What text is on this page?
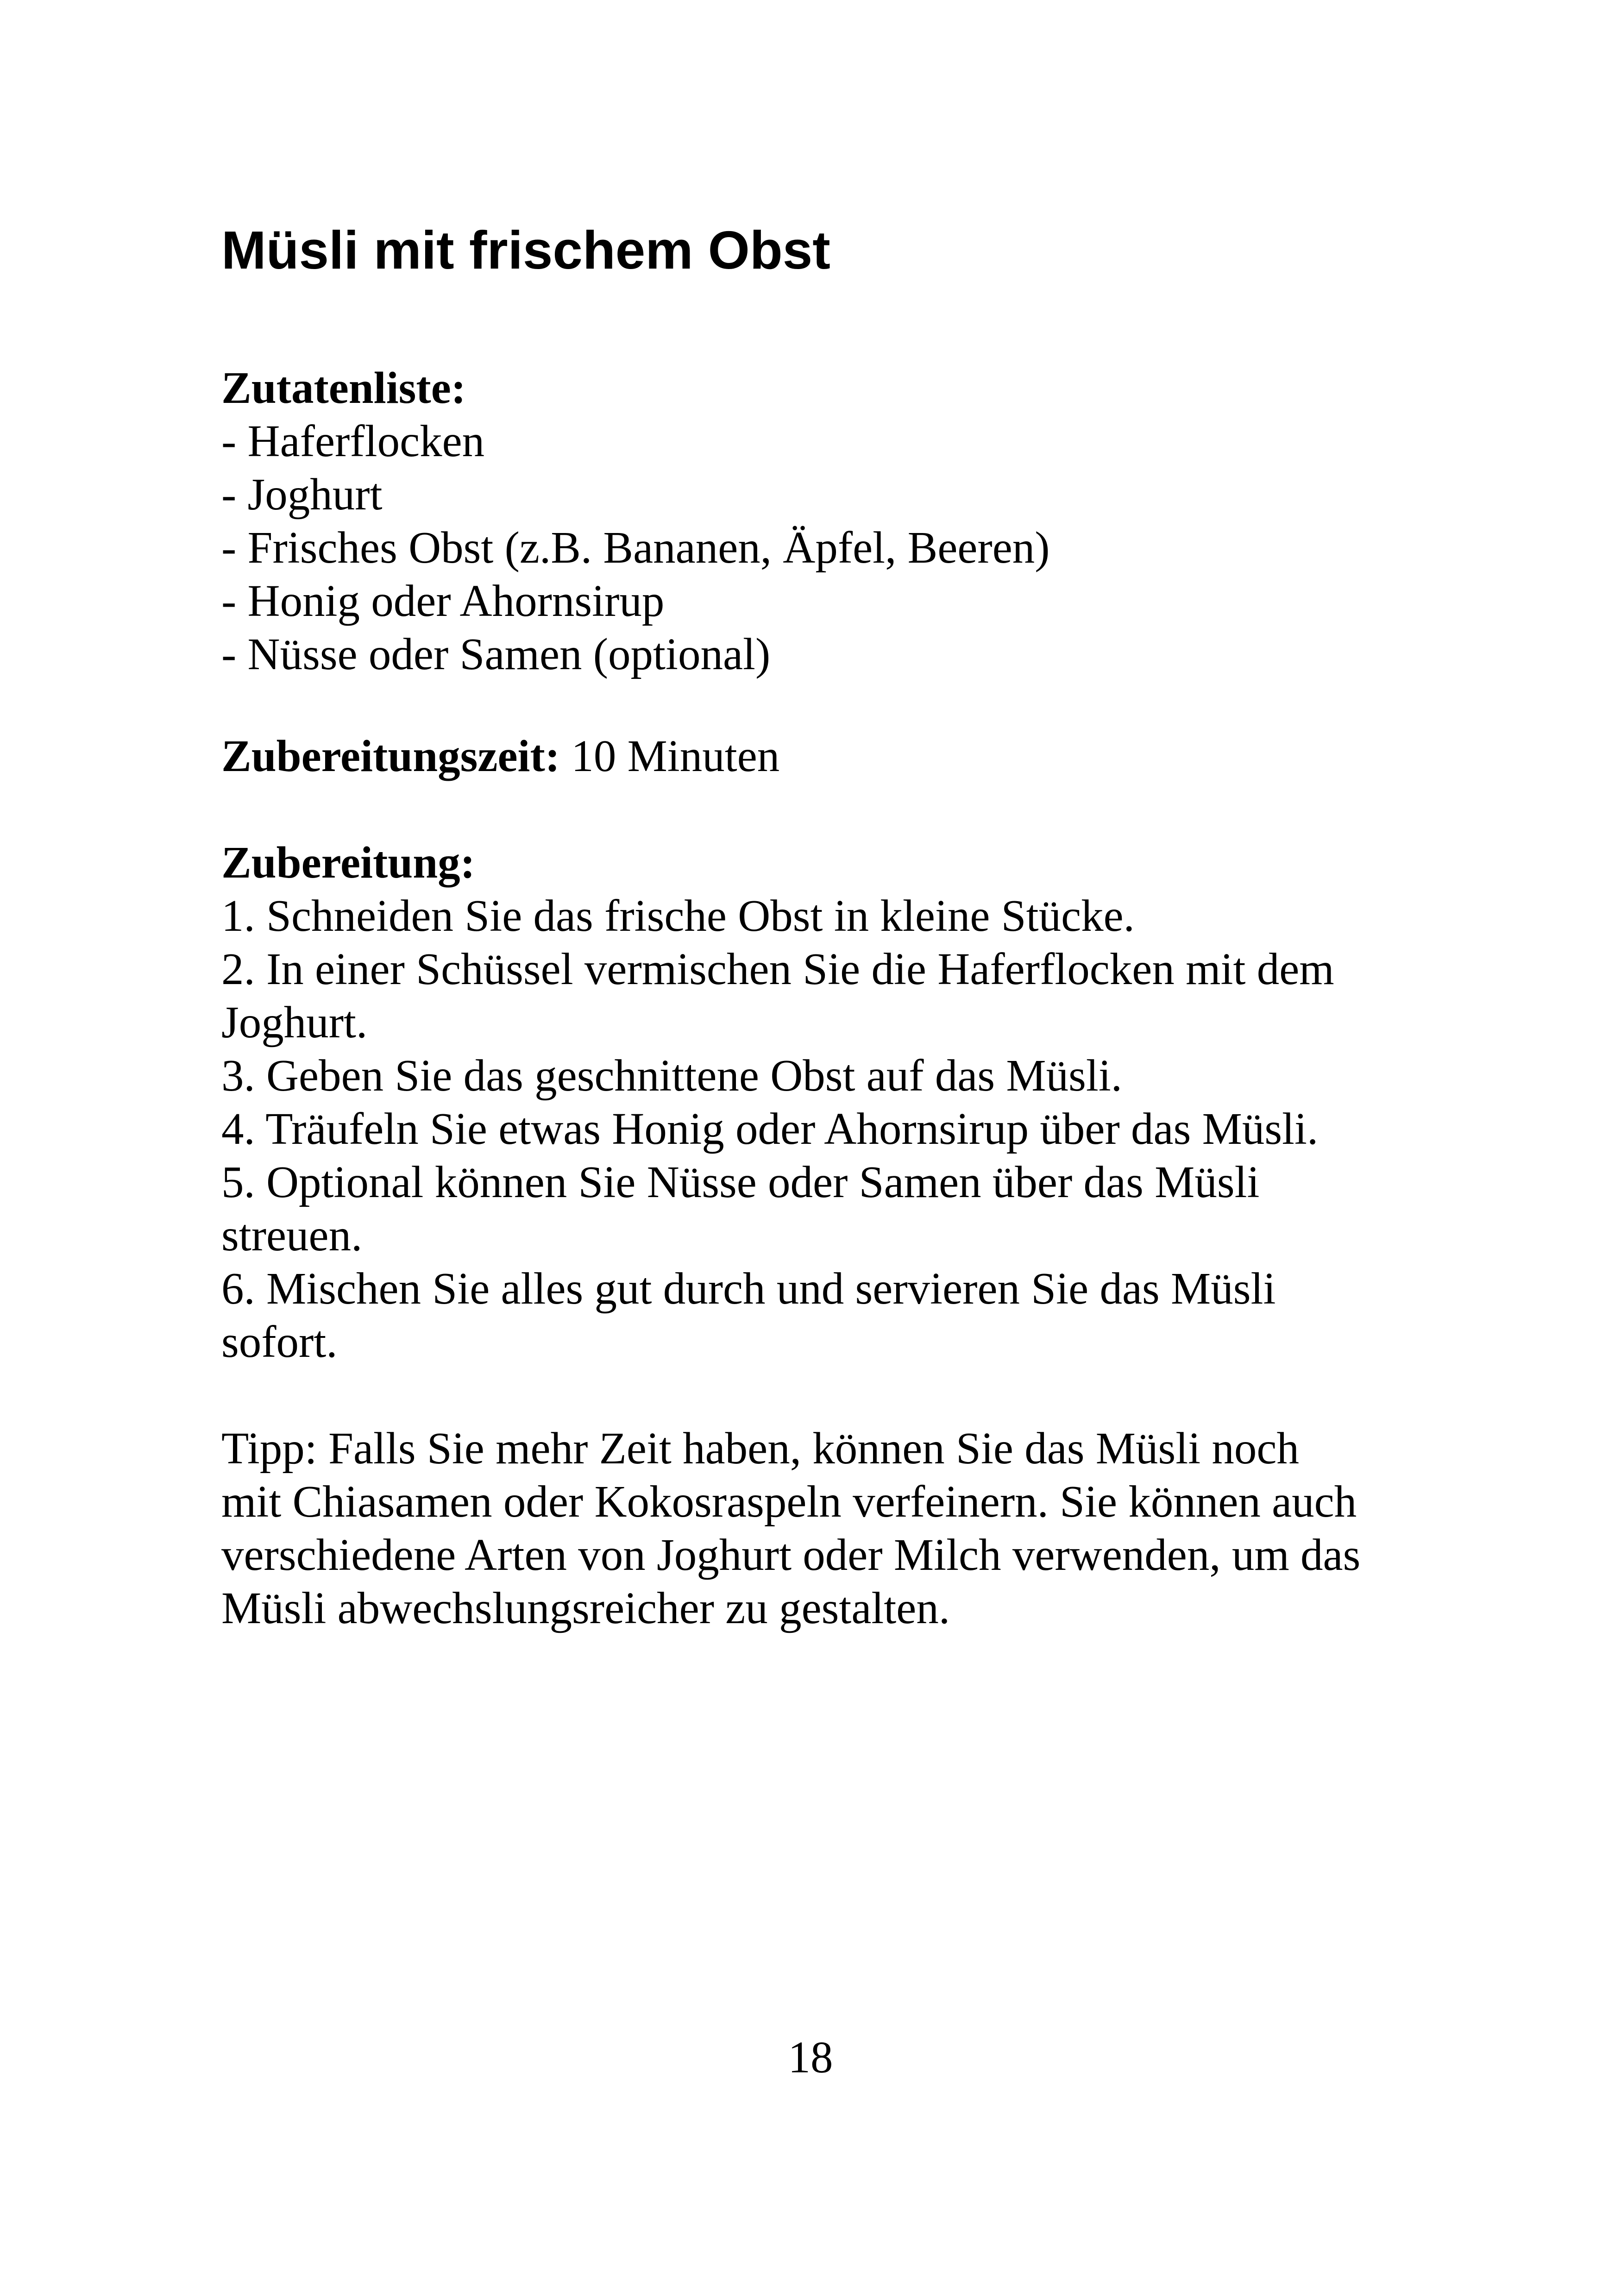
Müsli mit frischem Obst
Zutatenliste:
- Haferflocken
- Joghurt
- Frisches Obst (z.B. Bananen, Äpfel, Beeren)
- Honig oder Ahornsirup
- Nüsse oder Samen (optional)
Zubereitungszeit: 10 Minuten
Zubereitung:
1. Schneiden Sie das frische Obst in kleine Stücke.
2. In einer Schüssel vermischen Sie die Haferflocken mit dem
Joghurt.
3. Geben Sie das geschnittene Obst auf das Müsli.
4. Träufeln Sie etwas Honig oder Ahornsirup über das Müsli.
5. Optional können Sie Nüsse oder Samen über das Müsli
streuen.
6. Mischen Sie alles gut durch und servieren Sie das Müsli
sofort.
Tipp: Falls Sie mehr Zeit haben, können Sie das Müsli noch
mit Chiasamen oder Kokosraspeln verfeinern. Sie können auch
verschiedene Arten von Joghurt oder Milch verwenden, um das
Müsli abwechslungsreicher zu gestalten.
18
